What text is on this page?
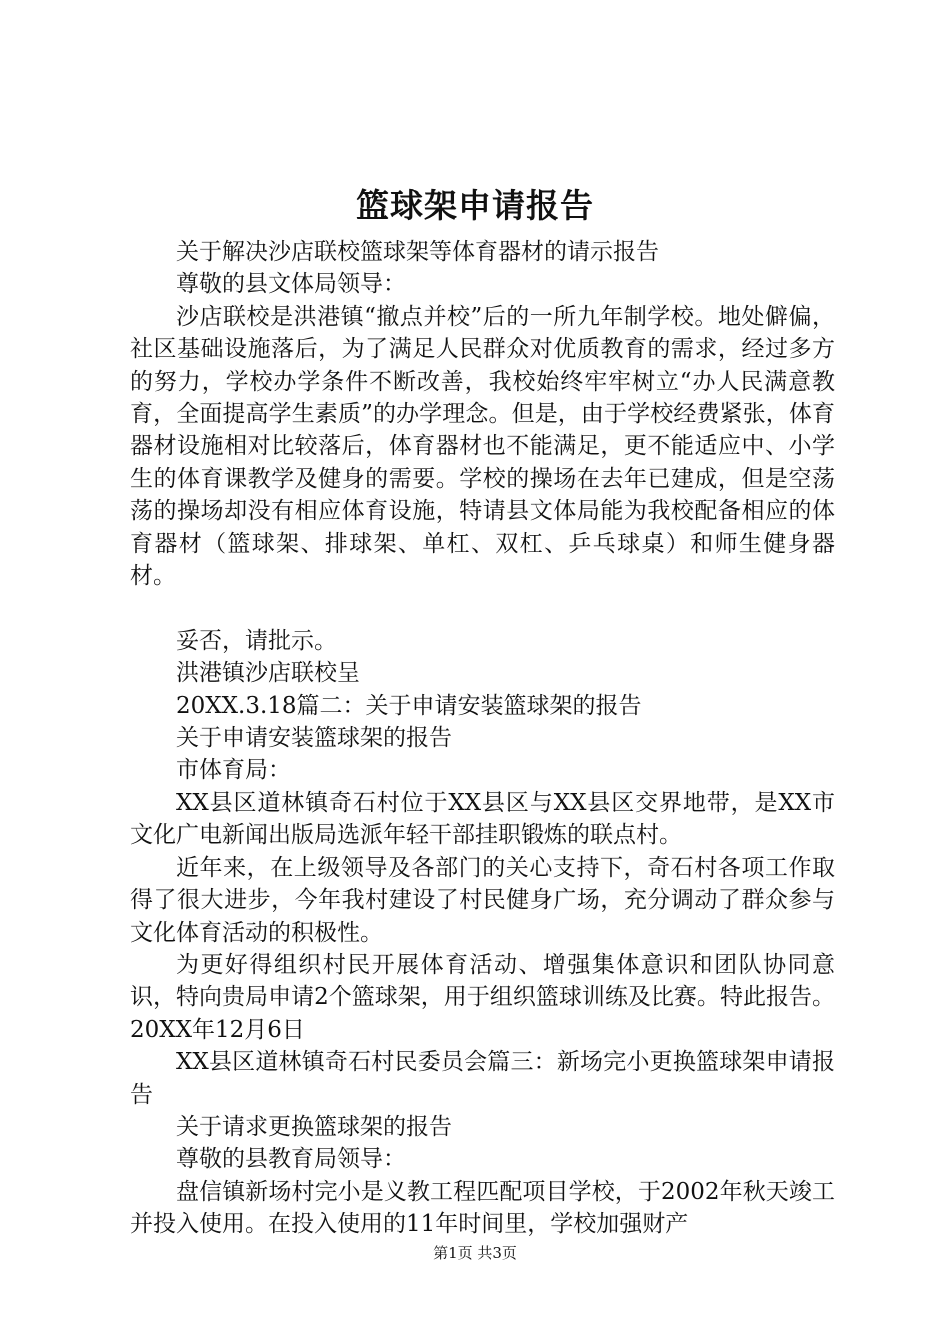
篮球架申请报告

关于解决沙店联校篮球架等体育器材的请示报告

尊敬的县文体局领导：

沙店联校是洪港镇“撤点并校”后的一所九年制学校。地处僻偏，社区基础设施落后，为了满足人民群众对优质教育的需求，经过多方的努力，学校办学条件不断改善，我校始终牢牢树立“办人民满意教育，全面提高学生素质”的办学理念。但是，由于学校经费紧张，体育器材设施相对比较落后，体育器材也不能满足，更不能适应中、小学生的体育课教学及健身的需要。学校的操场在去年已建成，但是空荡荡的操场却没有相应体育设施，特请县文体局能为我校配备相应的体育器材（篮球架、排球架、单杠、双杠、乒乓球桌）和师生健身器材。

妥否，请批示。

洪港镇沙店联校呈

20XX.3.18篇二：关于申请安装篮球架的报告

关于申请安装篮球架的报告

市体育局：

XX县区道林镇奇石村位于XX县区与XX县区交界地带，是XX市文化广电新闻出版局选派年轻干部挂职锻炼的联点村。

近年来，在上级领导及各部门的关心支持下，奇石村各项工作取得了很大进步，今年我村建设了村民健身广场，充分调动了群众参与文化体育活动的积极性。

为更好得组织村民开展体育活动、增强集体意识和团队协同意识，特向贵局申请2个篮球架，用于组织篮球训练及比赛。特此报告。20XX年12月6日

XX县区道林镇奇石村民委员会篇三：新场完小更换篮球架申请报告

关于请求更换篮球架的报告

尊敬的县教育局领导：

盘信镇新场村完小是义教工程匹配项目学校，于2002年秋天竣工并投入使用。在投入使用的11年时间里，学校加强财产

第1页 共3页
